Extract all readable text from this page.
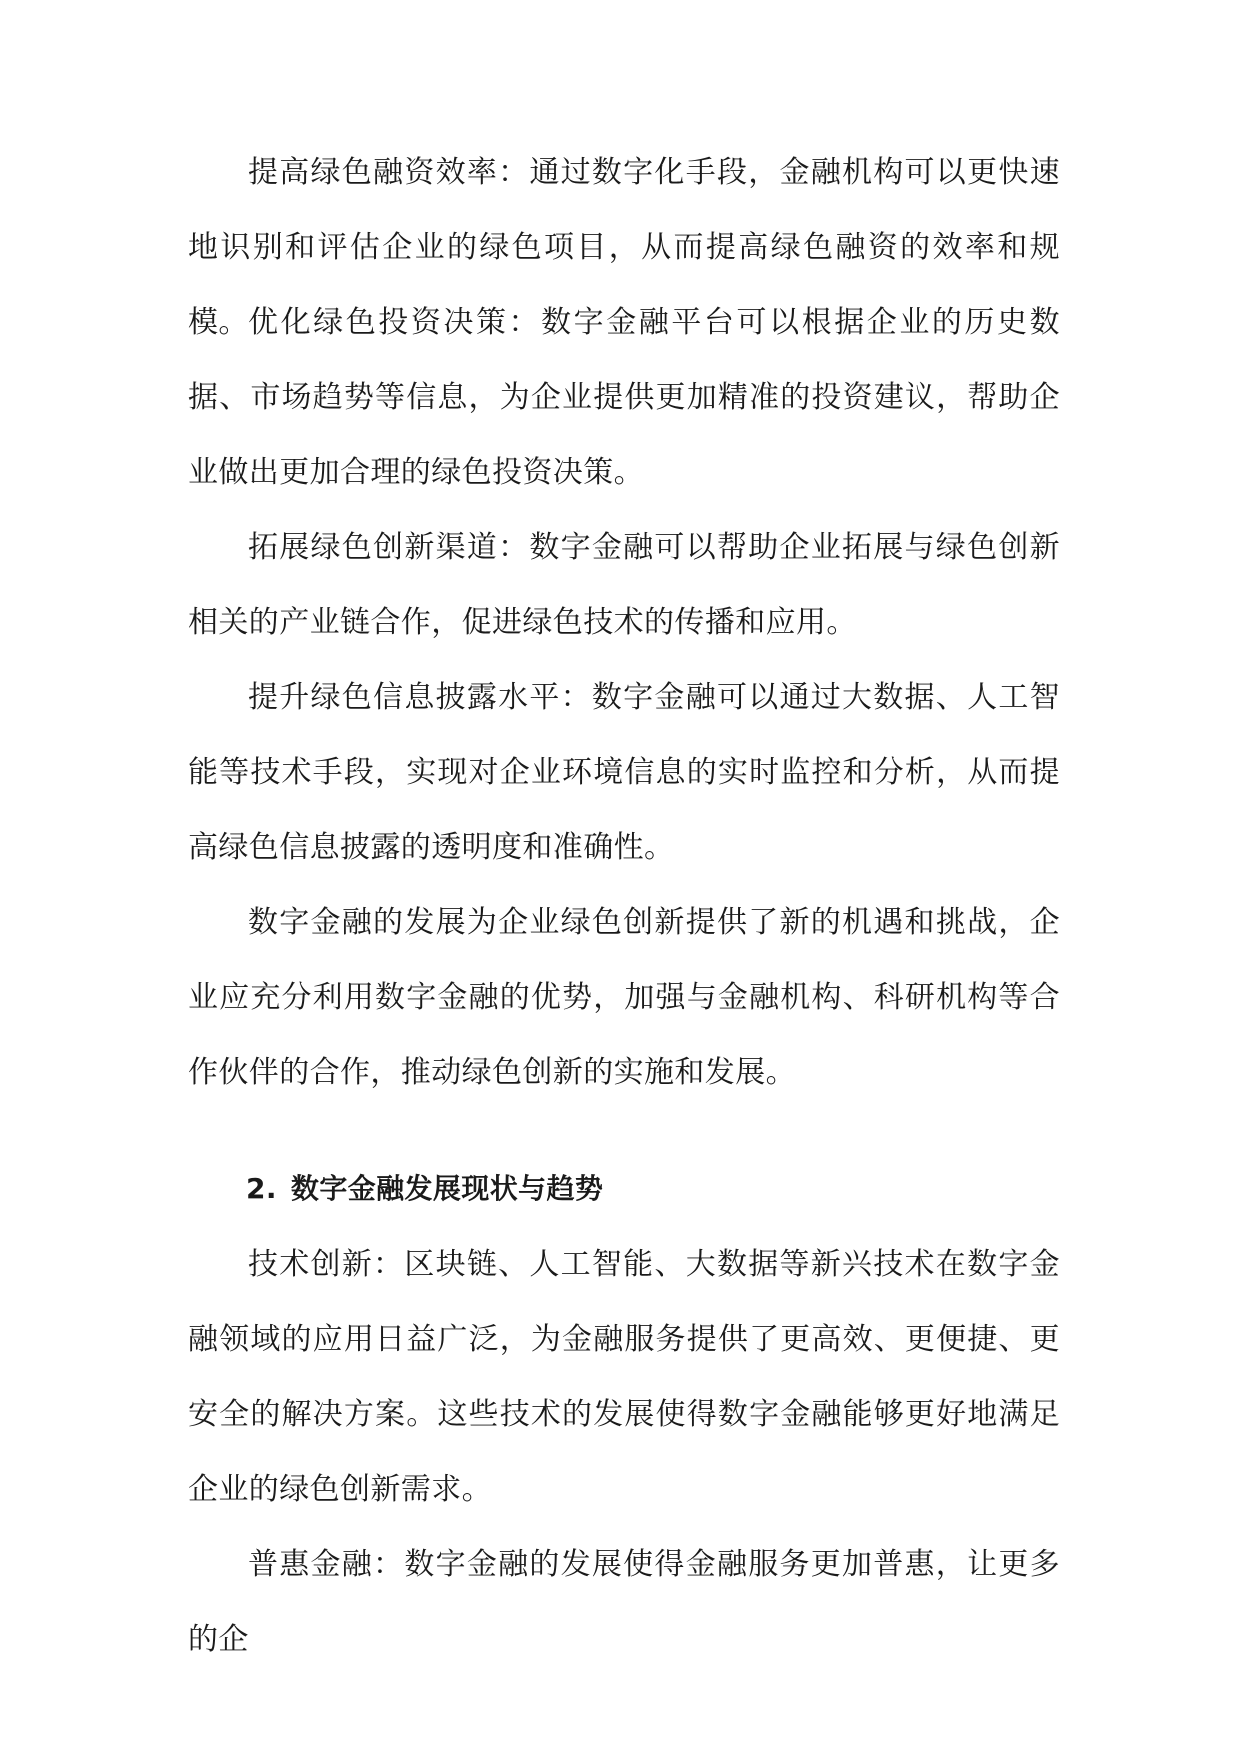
提高绿色融资效率：通过数字化手段，金融机构可以更快速地识别和评估企业的绿色项目，从而提高绿色融资的效率和规模。 优化绿色投资决策：数字金融平台可以根据企业的历史数据、市场趋势等信息，为企业提供更加精准的投资建议，帮助企业做出更加合理的绿色投资决策。

拓展绿色创新渠道：数字金融可以帮助企业拓展与绿色创新相关的产业链合作，促进绿色技术的传播和应用。

提升绿色信息披露水平：数字金融可以通过大数据、人工智能等技术手段，实现对企业环境信息的实时监控和分析，从而提高绿色信息披露的透明度和准确性。

数字金融的发展为企业绿色创新提供了新的机遇和挑战，企业应充分利用数字金融的优势，加强与金融机构、科研机构等合作伙伴的合作，推动绿色创新的实施和发展。

2. 数字金融发展现状与趋势

技术创新：区块链、人工智能、大数据等新兴技术在数字金融领域的应用日益广泛，为金融服务提供了更高效、更便捷、更安全的解决方案。这些技术的发展使得数字金融能够更好地满足企业的绿色创新需求。

普惠金融：数字金融的发展使得金融服务更加普惠，让更多的企
